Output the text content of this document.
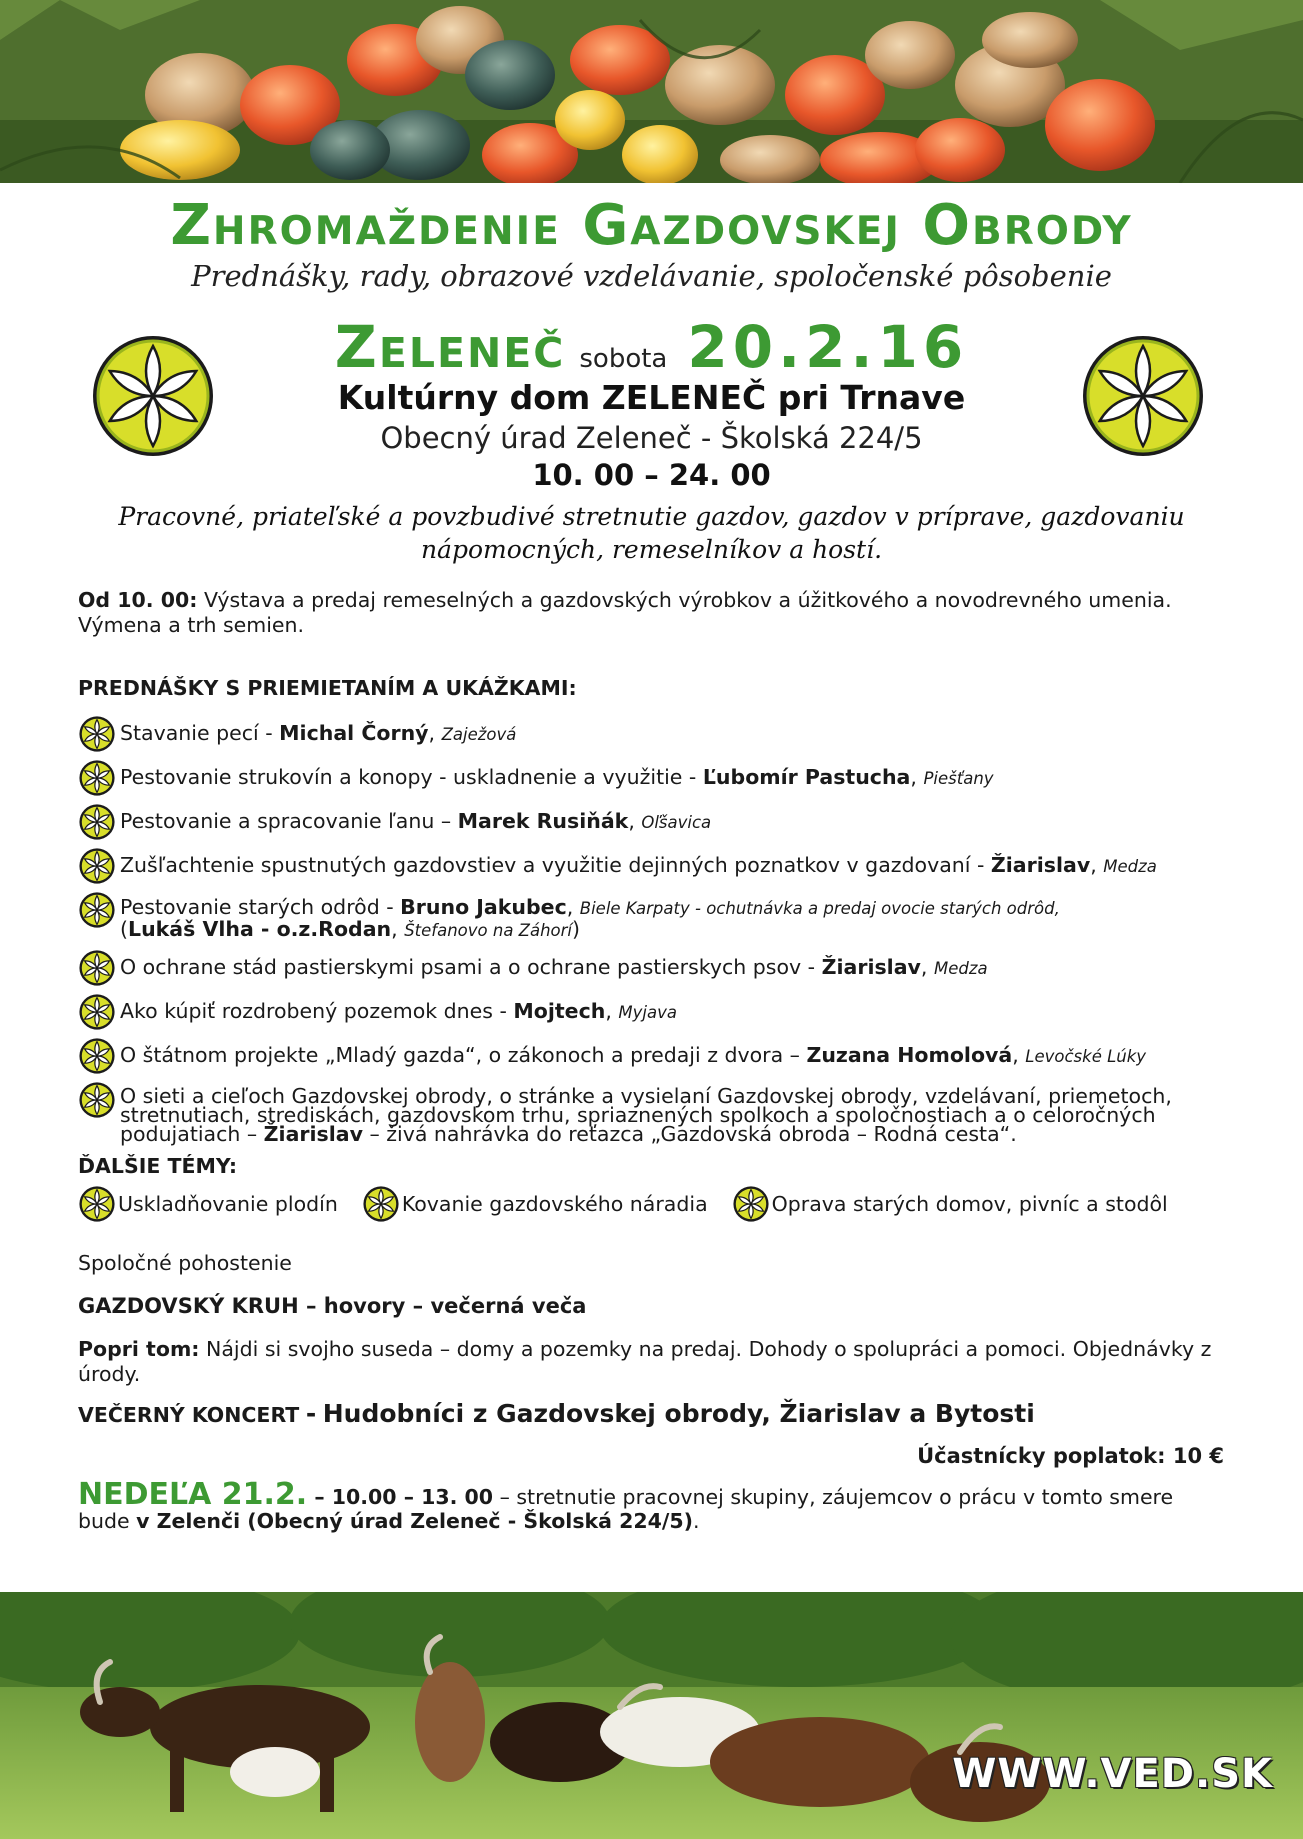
Zhromaždenie Gazdovskej Obrody

Prednášky, rady, obrazové vzdelávanie, spoločenské pôsobenie

Zeleneč sobota 20.2.16

Kultúrny dom ZELENEČ pri Trnave

Obecný úrad Zeleneč - Školská 224/5

10. 00 – 24. 00

Pracovné, priateľské a povzbudivé stretnutie gazdov, gazdov v príprave, gazdovaniu
nápomocných, remeselníkov a hostí.

Od 10. 00: Výstava a predaj remeselných a gazdovských výrobkov a úžitkového a novodrevného umenia. Výmena a trh semien.

PREDNÁŠKY S PRIEMIETANÍM A UKÁŽKAMI:

Stavanie pecí - Michal Čorný, Zaježová
Pestovanie strukovín a konopy - uskladnenie a využitie - Ľubomír Pastucha, Piešťany
Pestovanie a spracovanie ľanu – Marek Rusiňák, Oľšavica
Zušľachtenie spustnutých gazdovstiev a využitie dejinných poznatkov v gazdovaní - Žiarislav, Medza
Pestovanie starých odrôd - Bruno Jakubec, Biele Karpaty - ochutnávka a predaj ovocie starých odrôd,
(Lukáš Vlha - o.z.Rodan, Štefanovo na Záhorí)
O ochrane stád pastierskymi psami a o ochrane pastierskych psov - Žiarislav, Medza
Ako kúpiť rozdrobený pozemok dnes - Mojtech, Myjava
O štátnom projekte „Mladý gazda“, o zákonoch a predaji z dvora – Zuzana Homolová, Levočské Lúky
O sieti a cieľoch Gazdovskej obrody, o stránke a vysielaní Gazdovskej obrody, vzdelávaní, priemetoch, stretnutiach, strediskách, gazdovskom trhu, spriaznených spolkoch a spoločnostiach a o celoročných podujatiach – Žiarislav – živá nahrávka do reťazca „Gazdovská obroda – Rodná cesta“.

ĎALŠIE TÉMY:

Uskladňovanie plodín	Kovanie gazdovského náradia	Oprava starých domov, pivníc a stodôl

Spoločné pohostenie

GAZDOVSKÝ KRUH – hovory – večerná veča

Popri tom: Nájdi si svojho suseda – domy a pozemky na predaj. Dohody o spolupráci a pomoci. Objednávky z úrody.

VEČERNÝ KONCERT - Hudobníci z Gazdovskej obrody, Žiarislav a Bytosti

Účastnícky poplatok: 10 €

NEDEĽA 21.2. – 10.00 – 13. 00 – stretnutie pracovnej skupiny, záujemcov o prácu v tomto smere bude v Zelenči (Obecný úrad Zeleneč - Školská 224/5).

WWW.VED.SK
